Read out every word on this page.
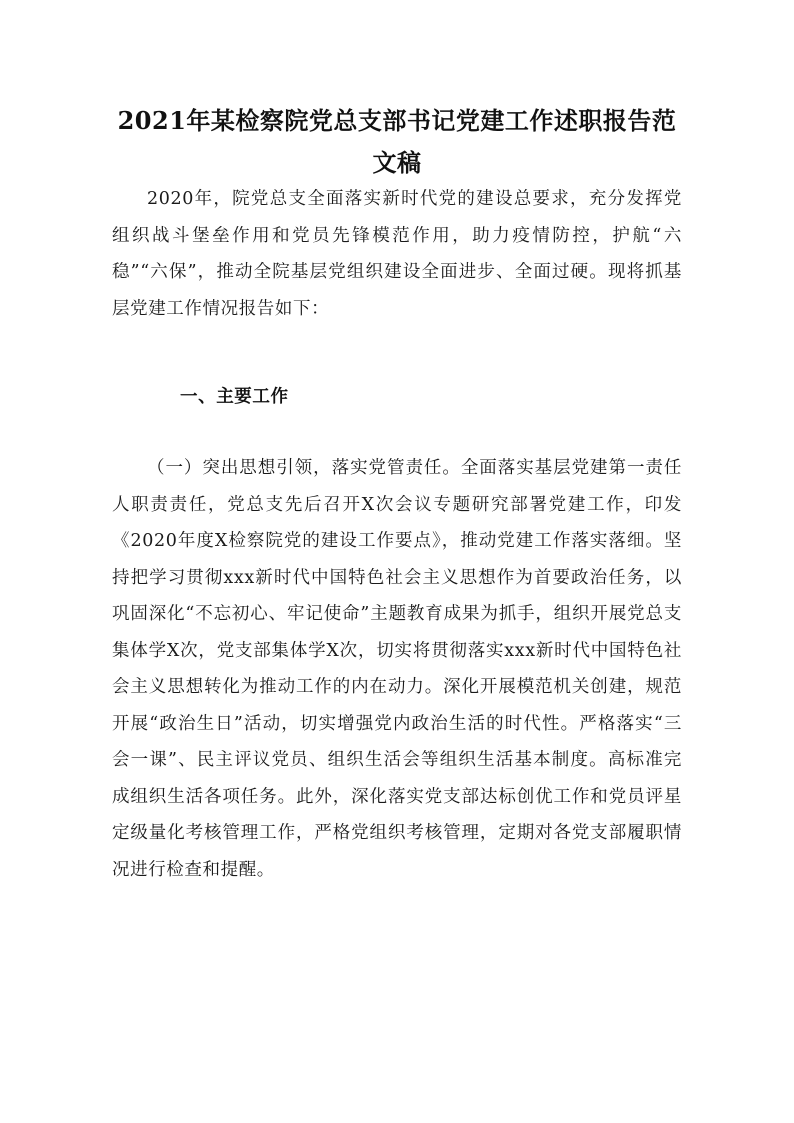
2021年某检察院党总支部书记党建工作述职报告范文稿

2020年，院党总支全面落实新时代党的建设总要求，充分发挥党组织战斗堡垒作用和党员先锋模范作用，助力疫情防控，护航“六稳”“六保”，推动全院基层党组织建设全面进步、全面过硬。现将抓基层党建工作情况报告如下：

一、主要工作

（一）突出思想引领，落实党管责任。全面落实基层党建第一责任人职责责任，党总支先后召开X次会议专题研究部署党建工作，印发《2020年度X检察院党的建设工作要点》，推动党建工作落实落细。坚持把学习贯彻xxx新时代中国特色社会主义思想作为首要政治任务，以巩固深化“不忘初心、牢记使命”主题教育成果为抓手，组织开展党总支集体学X次，党支部集体学X次，切实将贯彻落实xxx新时代中国特色社会主义思想转化为推动工作的内在动力。深化开展模范机关创建，规范开展“政治生日”活动，切实增强党内政治生活的时代性。严格落实“三会一课”、民主评议党员、组织生活会等组织生活基本制度。高标准完成组织生活各项任务。此外，深化落实党支部达标创优工作和党员评星定级量化考核管理工作，严格党组织考核管理，定期对各党支部履职情况进行检查和提醒。
